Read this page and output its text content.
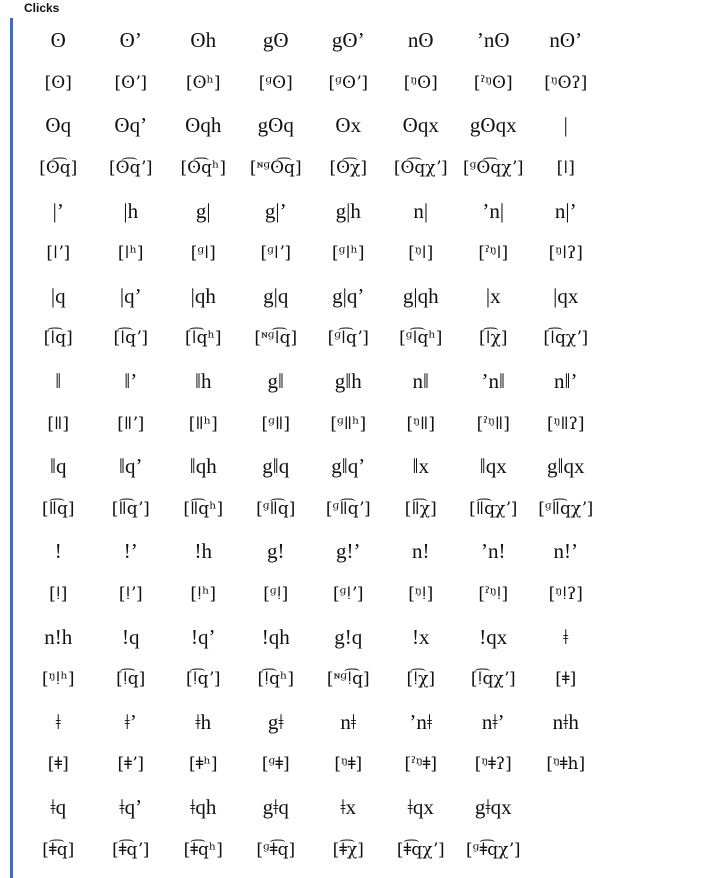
Clicks
ʘ	ʘʼ	ʘh	gʘ	gʘʼ	nʘ	ʼnʘ	nʘʼ
[ʘ]	[ʘʼ]	[ʘʰ]	[ᶢʘ]	[ᶢʘʼ]	[ᵑʘ]	[ˀᵑʘ]	[ᵑʘʔ]
ʘq	ʘqʼ	ʘqh	gʘq	ʘx	ʘqx	gʘqx	|
[ʘ͡q]	[ʘ͡qʼ]	[ʘ͡qʰ]	[ᶰᶢʘ͡q]	[ʘ͡χ]	[ʘ͡qχʼ] [ᶢʘ͡qχʼ]	[ǀ]
|ʼ	|h	g|	g|ʼ	g|h	n|	ʼn|	n|ʼ
[ǀʼ]	[ǀʰ]	[ᶢǀ]	[ᶢǀʼ]	[ᶢǀʰ]	[ᵑǀ]	[ˀᵑǀ]	[ᵑǀʔ]
|q	|qʼ	|qh	g|q	g|qʼ	g|qh	|x	|qx
[ǀ͡q]	[ǀ͡qʼ]	[ǀ͡qʰ]	[ᶰᶢǀ͡q]	[ᶢǀ͡qʼ]	[ᶢǀ͡qʰ]	[ǀ͡χ]	[ǀ͡qχʼ]
‖	‖ʼ	‖h	g‖	g‖h	n‖	ʼn‖	n‖ʼ
[ǁ]	[ǁʼ]	[ǁʰ]	[ᶢǁ]	[ᶢǁʰ]	[ᵑǁ]	[ˀᵑǁ]	[ᵑǁʔ]
‖q	‖qʼ	‖qh	g‖q	g‖qʼ	‖x	‖qx	g‖qx
[ǁ͡q]	[ǁ͡qʼ]	[ǁ͡qʰ]	[ᶢǁ͡q]	[ᶢǁ͡qʼ]	[ǁ͡χ]	[ǁ͡qχʼ]	[ᶢǁ͡qχʼ]
!	!ʼ	!h	g!	g!ʼ	n!	ʼn!	n!ʼ
[ǃ]	[ǃʼ]	[ǃʰ]	[ᶢǃ]	[ᶢǃʼ]	[ᵑǃ]	[ˀᵑǃ]	[ᵑǃʔ]
n!h	!q	!qʼ	!qh	g!q	!x	!qx	ǂ
[ᵑǃʰ]	[ǃ͡q]	[ǃ͡qʼ]	[ǃ͡qʰ]	[ᶰᶢǃ͡q]	[ǃ͡χ]	[ǃ͡qχʼ]	[ǂ]
ǂ	ǂʼ	ǂh	gǂ	nǂ	ʼnǂ	nǂʼ	nǂh
[ǂ]	[ǂʼ]	[ǂʰ]	[ᶢǂ]	[ᵑǂ]	[ˀᵑǂ]	[ᵑǂʔ]	[ᵑǂh]
ǂq	ǂqʼ	ǂqh	gǂq	ǂx	ǂqx	gǂqx
[ǂ͡q]	[ǂ͡qʼ]	[ǂ͡qʰ]	[ᶢǂ͡q]	[ǂ͡χ]	[ǂ͡qχʼ]	[ᶢǂ͡qχʼ]
